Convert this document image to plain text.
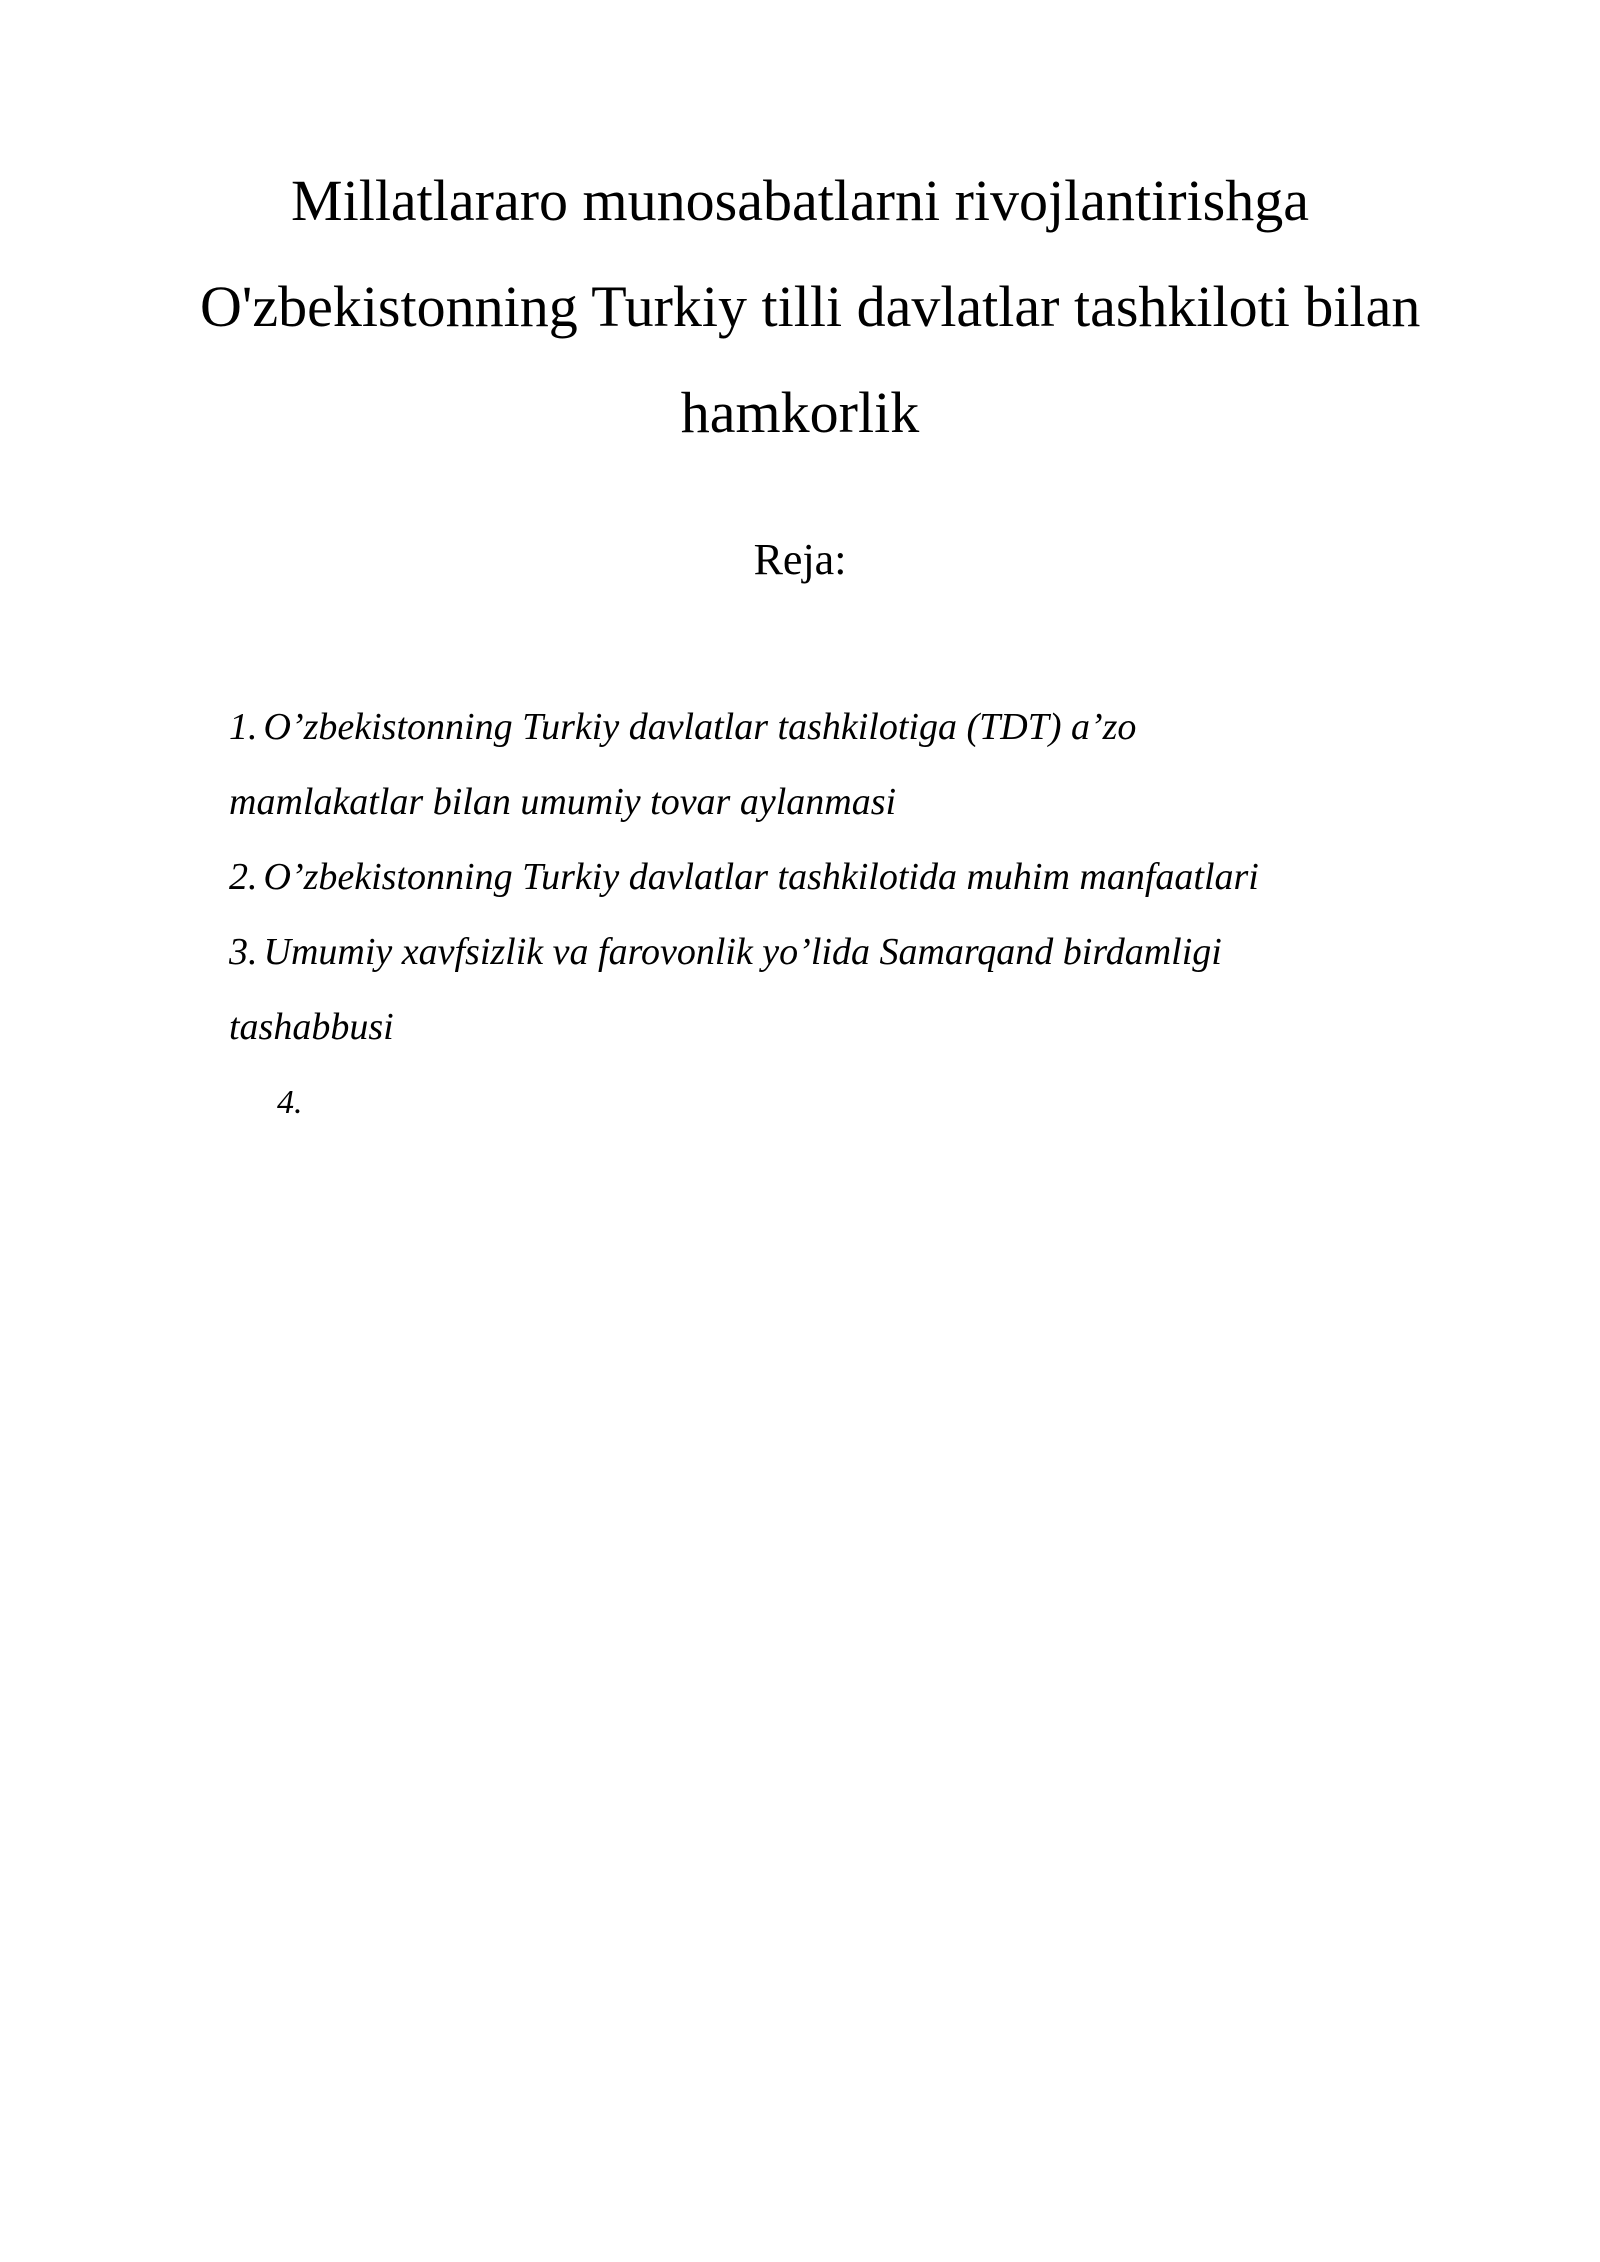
Millatlararo munosabatlarni rivojlantirishga
O'zbekistonning Turkiy tilli davlatlar tashkiloti bilan
hamkorlik
Reja:
1. O’zbekistonning Turkiy davlatlar tashkilotiga (TDT) a’zo
mamlakatlar bilan umumiy tovar aylanmasi
2. O’zbekistonning Turkiy davlatlar tashkilotida muhim manfaatlari
3. Umumiy xavfsizlik va farovonlik yo’lida Samarqand birdamligi
tashabbusi
4.
